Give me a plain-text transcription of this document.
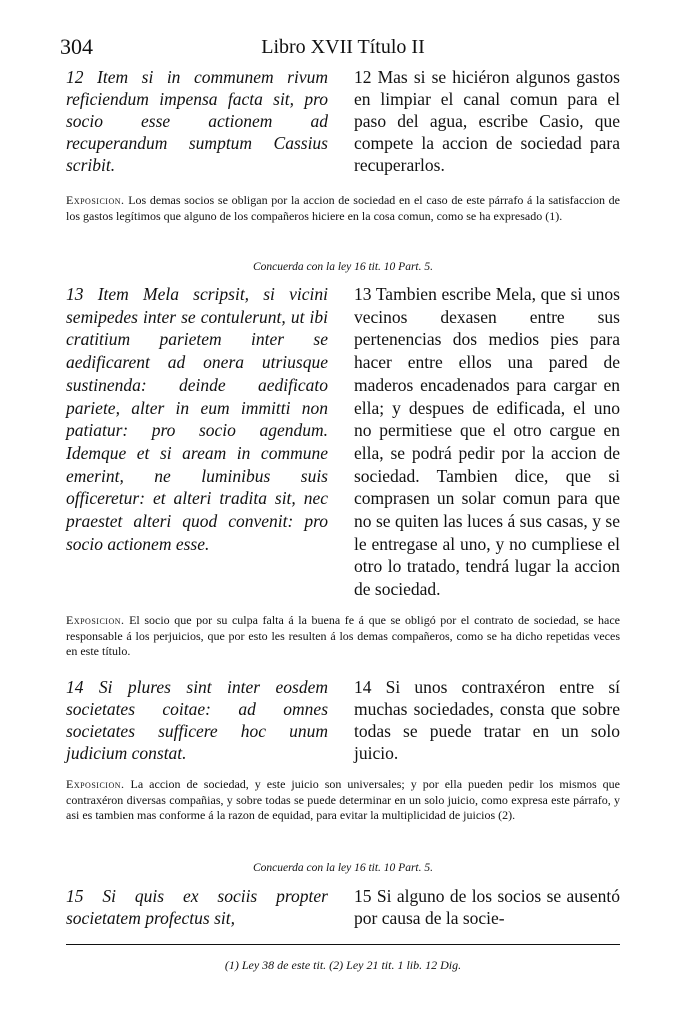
304	Libro XVII Título II

12 Item si in communem rivum reficiendum impensa facta sit, pro socio esse actionem ad recuperandum sumptum Cassius scribit.

12 Mas si se hiciéron algunos gastos en limpiar el canal comun para el paso del agua, escribe Casio, que compete la accion de sociedad para recuperarlos.

Exposicion. Los demas socios se obligan por la accion de sociedad en el caso de este párrafo á la satisfaccion de los gastos legítimos que alguno de los compañeros hiciere en la cosa comun, como se ha expresado (1).

Concuerda con la ley 16 tit. 10 Part. 5.

13 Item Mela scripsit, si vicini semipedes inter se contulerunt, ut ibi cratitium parietem inter se aedificarent ad onera utriusque sustinenda: deinde aedificato pariete, alter in eum immitti non patiatur: pro socio agendum. Idemque et si aream in commune emerint, ne luminibus suis officeretur: et alteri tradita sit, nec praestet alteri quod convenit: pro socio actionem esse.

13 Tambien escribe Mela, que si unos vecinos dexasen entre sus pertenencias dos medios pies para hacer entre ellos una pared de maderos encadenados para cargar en ella; y despues de edificada, el uno no permitiese que el otro cargue en ella, se podrá pedir por la accion de sociedad. Tambien dice, que si comprasen un solar comun para que no se quiten las luces á sus casas, y se le entregase al uno, y no cumpliese el otro lo tratado, tendrá lugar la accion de sociedad.

Exposicion. El socio que por su culpa falta á la buena fe á que se obligó por el contrato de sociedad, se hace responsable á los perjuicios, que por esto les resulten á los demas compañeros, como se ha dicho repetidas veces en este título.

14 Si plures sint inter eosdem societates coitae: ad omnes societates sufficere hoc unum judicium constat.

14 Si unos contraxéron entre sí muchas sociedades, consta que sobre todas se puede tratar en un solo juicio.

Exposicion. La accion de sociedad, y este juicio son universales; y por ella pueden pedir los mismos que contraxéron diversas compañias, y sobre todas se puede determinar en un solo juicio, como expresa este párrafo, y asi es tambien mas conforme á la razon de equidad, para evitar la multiplicidad de juicios (2).

Concuerda con la ley 16 tit. 10 Part. 5.

15 Si quis ex sociis propter societatem profectus sit,

15 Si alguno de los socios se ausentó por causa de la socie-

(1) Ley 38 de este tit. (2) Ley 21 tit. 1 lib. 12 Dig.
